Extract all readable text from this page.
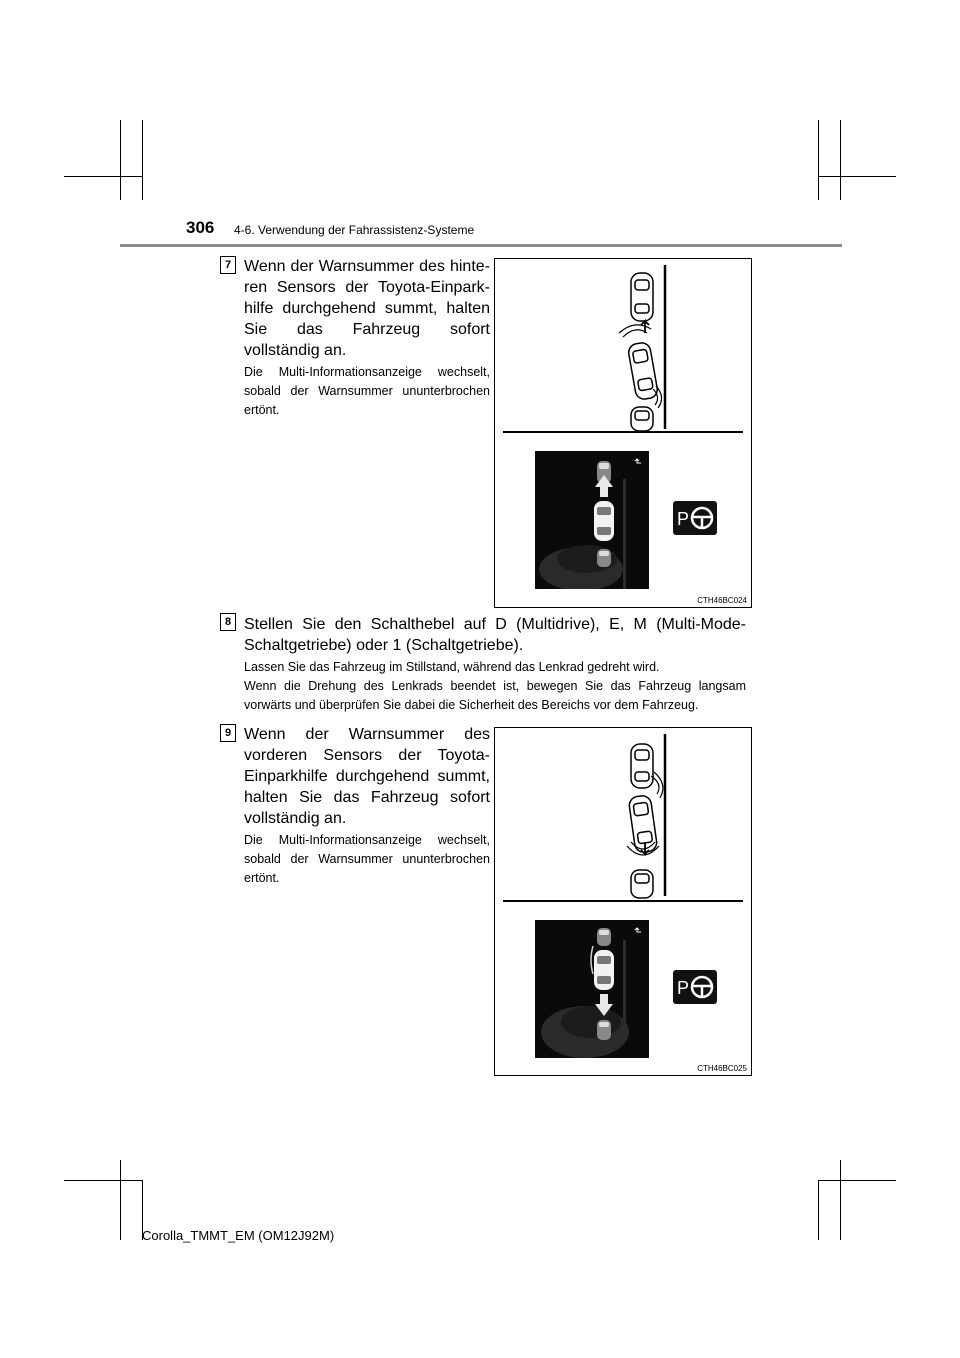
306 4-6. Verwendung der Fahrassistenz-Systeme
7 Wenn der Warnsummer des hinteren Sensors der Toyota-Einparkhilfe durchgehend summt, halten Sie das Fahrzeug sofort vollständig an.
Die Multi-Informationsanzeige wechselt, sobald der Warnsummer ununterbrochen ertönt.
P
CTH46BC024
8 Stellen Sie den Schalthebel auf D (Multidrive), E, M (Multi-Mode-Schaltgetriebe) oder 1 (Schaltgetriebe).
Lassen Sie das Fahrzeug im Stillstand, während das Lenkrad gedreht wird.
Wenn die Drehung des Lenkrads beendet ist, bewegen Sie das Fahrzeug langsam vorwärts und überprüfen Sie dabei die Sicherheit des Bereichs vor dem Fahrzeug.
9 Wenn der Warnsummer des vorderen Sensors der Toyota-Einparkhilfe durchgehend summt, halten Sie das Fahrzeug sofort vollständig an.
Die Multi-Informationsanzeige wechselt, sobald der Warnsummer ununterbrochen ertönt.
P
CTH46BC025
Corolla_TMMT_EM (OM12J92M)
